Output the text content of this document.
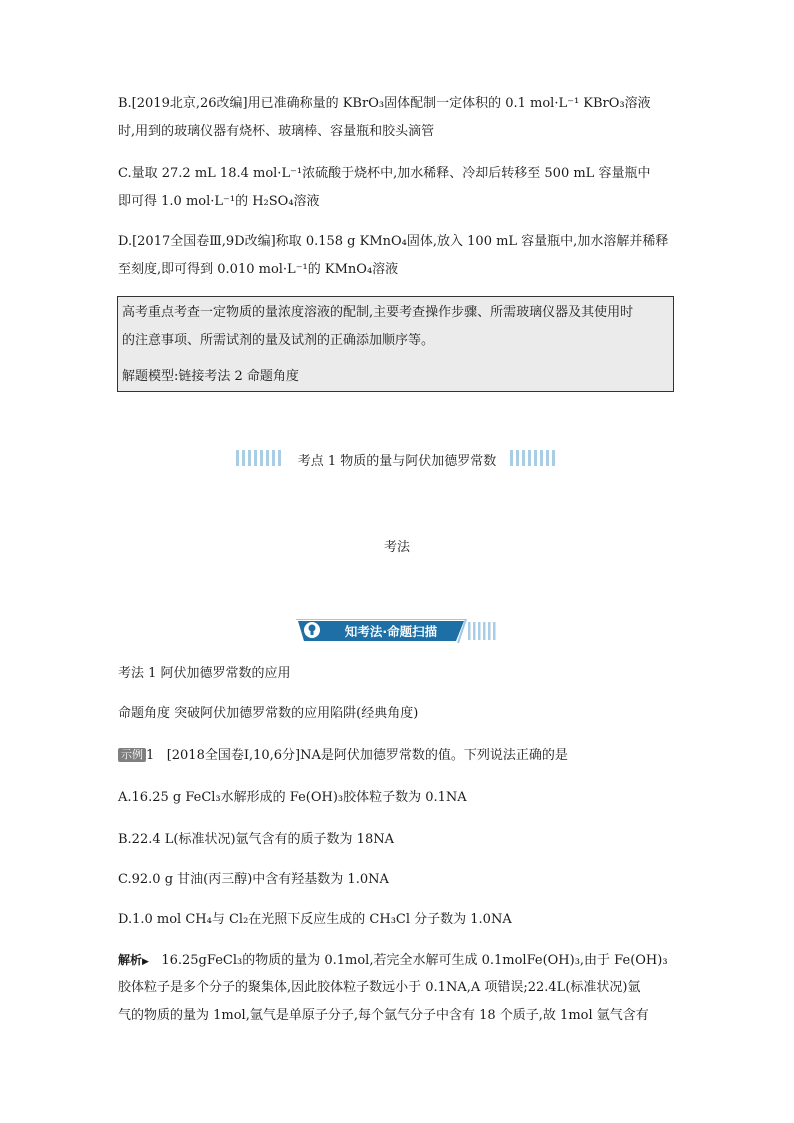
B.[2019北京,26改编]用已准确称量的 KBrO₃固体配制一定体积的 0.1 mol·L⁻¹ KBrO₃溶液

时,用到的玻璃仪器有烧杯、玻璃棒、容量瓶和胶头滴管

C.量取 27.2 mL 18.4 mol·L⁻¹浓硫酸于烧杯中,加水稀释、冷却后转移至 500 mL 容量瓶中

即可得 1.0 mol·L⁻¹的 H₂SO₄溶液

D.[2017全国卷Ⅲ,9D改编]称取 0.158 g KMnO₄固体,放入 100 mL 容量瓶中,加水溶解并稀释

至刻度,即可得到 0.010 mol·L⁻¹的 KMnO₄溶液

高考重点考查一定物质的量浓度溶液的配制,主要考查操作步骤、所需玻璃仪器及其使用时

的注意事项、所需试剂的量及试剂的正确添加顺序等。

解题模型:链接考法 2 命题角度

考点 1 物质的量与阿伏加德罗常数
考法
知考法·命题扫描

考法 1 阿伏加德罗常数的应用

命题角度 突破阿伏加德罗常数的应用陷阱(经典角度)

示例 1 [2018全国卷Ⅰ,10,6分]NA是阿伏加德罗常数的值。下列说法正确的是

A.16.25 g FeCl₃水解形成的 Fe(OH)₃胶体粒子数为 0.1NA

B.22.4 L(标准状况)氩气含有的质子数为 18NA

C.92.0 g 甘油(丙三醇)中含有羟基数为 1.0NA

D.1.0 mol CH₄与 Cl₂在光照下反应生成的 CH₃Cl 分子数为 1.0NA

解析▶ 16.25gFeCl₃的物质的量为 0.1mol,若完全水解可生成 0.1molFe(OH)₃,由于 Fe(OH)₃

胶体粒子是多个分子的聚集体,因此胶体粒子数远小于 0.1NA,A 项错误;22.4L(标准状况)氩

气的物质的量为 1mol,氩气是单原子分子,每个氩气分子中含有 18 个质子,故 1mol 氩气含有
